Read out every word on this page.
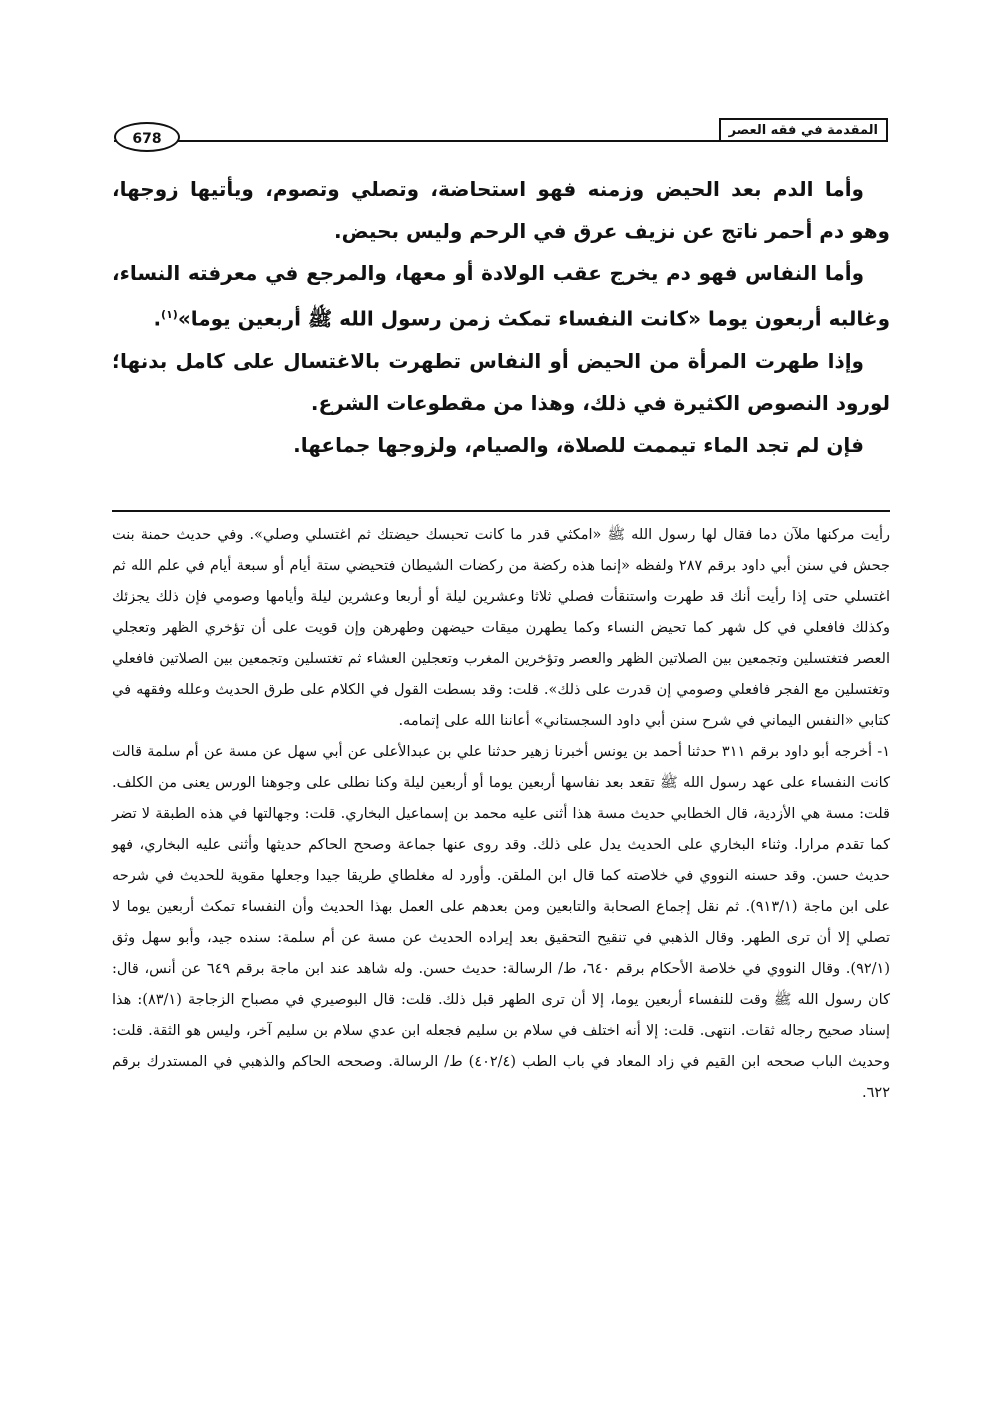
المقدمة في فقه العصر
678

وأما الدم بعد الحيض وزمنه فهو استحاضة، وتصلي وتصوم، ويأتيها زوجها، وهو دم أحمر ناتج عن نزيف عرق في الرحم وليس بحيض.

وأما النفاس فهو دم يخرج عقب الولادة أو معها، والمرجع في معرفته النساء، وغالبه أربعون يوما «كانت النفساء تمكث زمن رسول الله ﷺ أربعين يوما»$^{(١)}$.

وإذا طهرت المرأة من الحيض أو النفاس تطهرت بالاغتسال على كامل بدنها؛ لورود النصوص الكثيرة في ذلك، وهذا من مقطوعات الشرع.

فإن لم تجد الماء تيممت للصلاة، والصيام، ولزوجها جماعها.

رأيت مركنها ملآن دما فقال لها رسول الله ﷺ «امكثي قدر ما كانت تحبسك حيضتك ثم اغتسلي وصلي». وفي حديث حمنة بنت جحش في سنن أبي داود برقم ٢٨٧ ولفظه «إنما هذه ركضة من ركضات الشيطان فتحيضي ستة أيام أو سبعة أيام في علم الله ثم اغتسلي حتى إذا رأيت أنك قد طهرت واستنقأت فصلي ثلاثا وعشرين ليلة أو أربعا وعشرين ليلة وأيامها وصومي فإن ذلك يجزئك وكذلك فافعلي في كل شهر كما تحيض النساء وكما يطهرن ميقات حيضهن وطهرهن وإن قويت على أن تؤخري الظهر وتعجلي العصر فتغتسلين وتجمعين بين الصلاتين الظهر والعصر وتؤخرين المغرب وتعجلين العشاء ثم تغتسلين وتجمعين بين الصلاتين فافعلي وتغتسلين مع الفجر فافعلي وصومي إن قدرت على ذلك». قلت: وقد بسطت القول في الكلام على طرق الحديث وعلله وفقهه في كتابي «النفس اليماني في شرح سنن أبي داود السجستاني» أعاننا الله على إتمامه.

١- أخرجه أبو داود برقم ٣١١ حدثنا أحمد بن يونس أخبرنا زهير حدثنا علي بن عبدالأعلى عن أبي سهل عن مسة عن أم سلمة قالت كانت النفساء على عهد رسول الله ﷺ تقعد بعد نفاسها أربعين يوما أو أربعين ليلة وكنا نطلى على وجوهنا الورس يعنى من الكلف. قلت: مسة هي الأزدية، قال الخطابي حديث مسة هذا أثنى عليه محمد بن إسماعيل البخاري. قلت: وجهالتها في هذه الطبقة لا تضر كما تقدم مرارا. وثناء البخاري على الحديث يدل على ذلك. وقد روى عنها جماعة وصحح الحاكم حديثها وأثنى عليه البخاري، فهو حديث حسن. وقد حسنه النووي في خلاصته كما قال ابن الملقن. وأورد له مغلطاي طريقا جيدا وجعلها مقوية للحديث في شرحه على ابن ماجة (٩١٣/١). ثم نقل إجماع الصحابة والتابعين ومن بعدهم على العمل بهذا الحديث وأن النفساء تمكث أربعين يوما لا تصلي إلا أن ترى الطهر. وقال الذهبي في تنقيح التحقيق بعد إيراده الحديث عن مسة عن أم سلمة: سنده جيد، وأبو سهل وثق (٩٢/١). وقال النووي في خلاصة الأحكام برقم ٦٤٠، ط/ الرسالة: حديث حسن. وله شاهد عند ابن ماجة برقم ٦٤٩ عن أنس، قال: كان رسول الله ﷺ وقت للنفساء أربعين يوما، إلا أن ترى الطهر قبل ذلك. قلت: قال البوصيري في مصباح الزجاجة (٨٣/١): هذا إسناد صحيح رجاله ثقات. انتهى. قلت: إلا أنه اختلف في سلام بن سليم فجعله ابن عدي سلام بن سليم آخر، وليس هو الثقة. قلت: وحديث الباب صححه ابن القيم في زاد المعاد في باب الطب (٤٠٢/٤) ط/ الرسالة. وصححه الحاكم والذهبي في المستدرك برقم ٦٢٢.
